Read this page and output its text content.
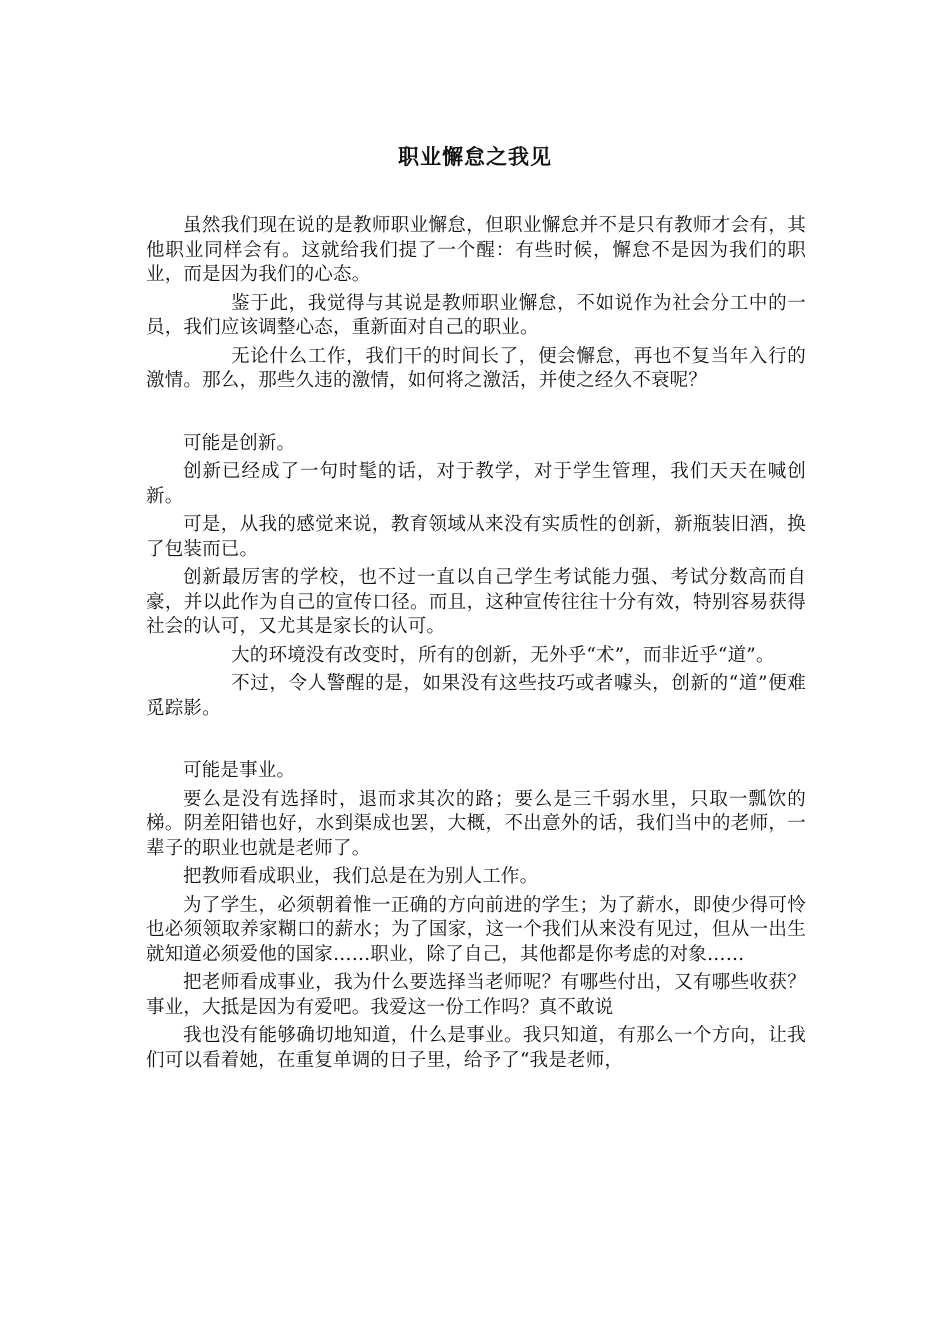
职业懈怠之我见

虽然我们现在说的是教师职业懈怠，但职业懈怠并不是只有教师才会有，其他职业同样会有。这就给我们提了一个醒：有些时候，懈怠不是因为我们的职业，而是因为我们的心态。

鉴于此，我觉得与其说是教师职业懈怠，不如说作为社会分工中的一员，我们应该调整心态，重新面对自己的职业。

无论什么工作，我们干的时间长了，便会懈怠，再也不复当年入行的激情。那么，那些久违的激情，如何将之激活，并使之经久不衰呢？

可能是创新。

创新已经成了一句时髦的话，对于教学，对于学生管理，我们天天在喊创新。

可是，从我的感觉来说，教育领域从来没有实质性的创新，新瓶装旧酒，换了包装而已。

创新最厉害的学校，也不过一直以自己学生考试能力强、考试分数高而自豪，并以此作为自己的宣传口径。而且，这种宣传往往十分有效，特别容易获得社会的认可，又尤其是家长的认可。

大的环境没有改变时，所有的创新，无外乎“术”，而非近乎“道”。

不过，令人警醒的是，如果没有这些技巧或者噱头，创新的“道”便难觅踪影。

可能是事业。

要么是没有选择时，退而求其次的路；要么是三千弱水里，只取一瓢饮的梯。阴差阳错也好，水到渠成也罢，大概，不出意外的话，我们当中的老师，一辈子的职业也就是老师了。

把教师看成职业，我们总是在为别人工作。

为了学生，必须朝着惟一正确的方向前进的学生；为了薪水，即使少得可怜也必须领取养家糊口的薪水；为了国家，这一个我们从来没有见过，但从一出生就知道必须爱他的国家……职业，除了自己，其他都是你考虑的对象……

把老师看成事业，我为什么要选择当老师呢？有哪些付出，又有哪些收获？事业，大抵是因为有爱吧。我爱这一份工作吗？真不敢说

我也没有能够确切地知道，什么是事业。我只知道，有那么一个方向，让我们可以看着她，在重复单调的日子里，给予了“我是老师，
